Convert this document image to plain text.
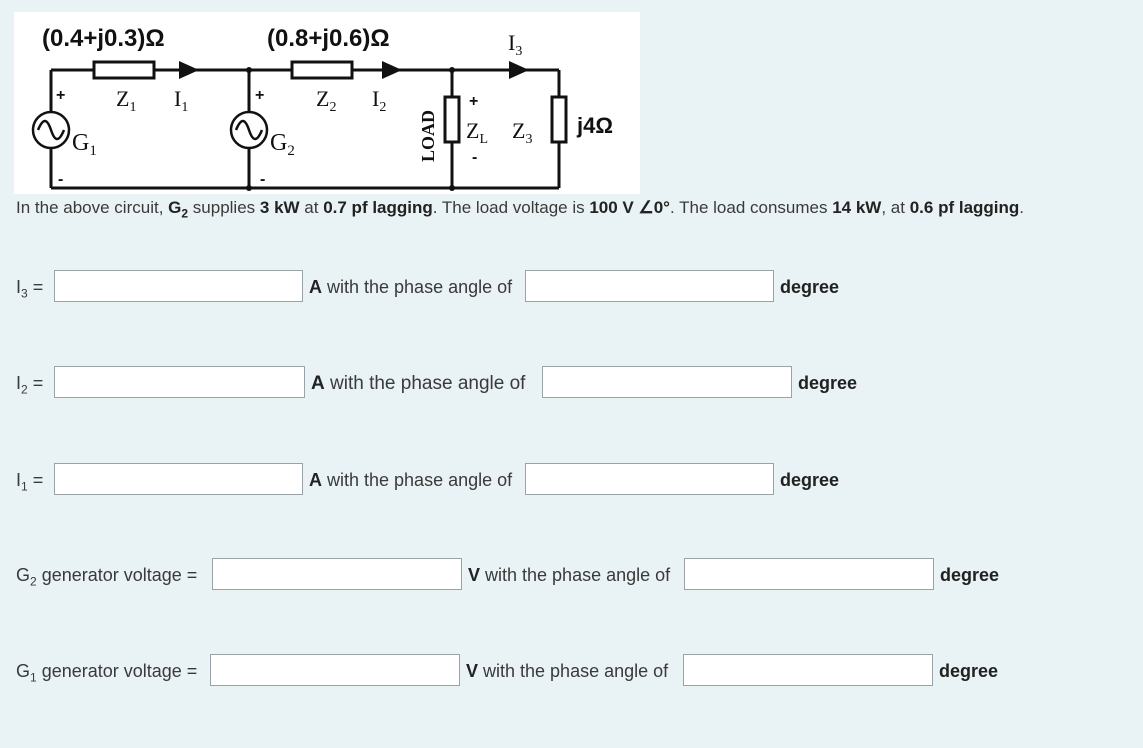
(0.4+j0.3)Ω	(0.8+j0.6)Ω	$I_3$
$Z_1$ $I_1$	$Z_2$ $I_2$
$G_1$	$G_2$	LOAD $Z_L$ $Z_3$
j4Ω
+
-
+
-
+
-
In the above circuit, $G_2$ supplies 3 kW at 0.7 pf lagging. The load voltage is 100 V ∠0°. The load consumes 14 kW, at 0.6 pf lagging.
$I_3$ =	A with the phase angle of	degree
$I_2$ =	A with the phase angle of	degree
$I_1$ =	A with the phase angle of	degree
$G_2$ generator voltage =	V with the phase angle of	degree
$G_1$ generator voltage =	V with the phase angle of	degree
